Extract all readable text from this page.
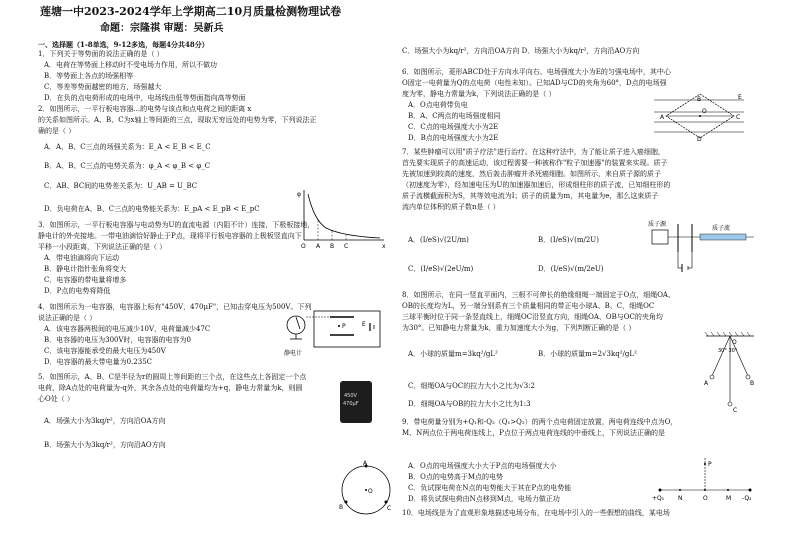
莲塘一中2023-2024学年上学期高二10月质量检测物理试卷
命题：宗隆祺 审题：吴新兵
一、选择题（1-8单选，9-12多选，每题4分共48分）
1．下列关于等势面的说法正确的是（ ）
A．电荷在等势面上移动时不受电场力作用，所以不做功
B．等势面上各点的场强相等
C．等差等势面越密的地方，场强越大
D．在负的点电荷形成的电场中，电场线由低等势面指向高等势面
2．如图所示，一平行板电容器...的电势与该点和点电荷之间的距离 x
的关系如图所示。A、B、C为x轴上等间距的三点，现取无穷远处的电势为零，下列说法正
确的是（ ）
A．A、B、C三点的场强关系为：E_A < E_B < E_C
B．A、B、C三点的电势关系为：φ_A < φ_B < φ_C
C．AB、BC间的电势差关系为：U_AB = U_BC
D．负电荷在A、B、C三点的电势能关系为：E_pA < E_pB < E_pC
3．如图所示，一平行板电容器与电动势为U的直流电源（内阻不计）连接，下极板接地，
静电计的外壳接地。一带电油滴恰好静止于P点，现将平行板电容器的上极板竖直向下
平移一小段距离，下列说法正确的是（ ）
A．带电油滴将向下运动
B．静电计指针张角将变大
C．电容器的带电量将增多
D．P点的电势将降低
4．如图所示为一电容器，电容器上标有"450V，470μF"，已知击穿电压为500V。下列
说法正确的是（ ）
A．该电容器两极间的电压减少10V，电荷量减少47C
B．电容器的电压为300V时，电容器的电容为0
C．该电容器能承受的最大电压为450V
D．电容器的最大带电量为0.235C
5．如图所示，A、B、C是半径为r的圆周上等间距的三个点，在这些点上各固定一个点
电荷，除A点处的电荷量为-q外，其余各点处的电荷量均为+q，静电力常量为k，则圆
心O处（ ）
A．场强大小为3kq/r²，方向沿OA方向
B．场强大小为3kq/r²，方向沿AO方向
φ
x
O A B C
P	E
静电计
450V
470μF
A
B	C
O
C．场强大小为kq/r²，方向沿OA方向 D．场强大小为kq/r²，方向沿AO方向
6．如图所示，菱形ABCD处于方向水平向右、电场强度大小为E的匀强电场中，其中心
O固定一电荷量为Q的点电荷（电性未知）。已知AD与CD的夹角为60°，D点的电场强
度为零，静电力常量为k，下列说法正确的是（ ）
A．O点电荷带负电
B．A、C两点的电场强度相同
C．C点的电场强度大小为2E
D．B点的电场强度大小为2E
7．某些肿瘤可以用"质子疗法"进行治疗。在这种疗法中，为了能让质子进入癌细胞，
首先要实现质子的高速运动，该过程需要一种被称作"粒子加速器"的装置来实现。质子
先被加速到较高的速度，然后轰击肿瘤并杀死癌细胞。如图所示，来自质子源的质子
（初速度为零），经加速电压为U的加速器加速后，形成细柱形的质子流，已知细柱形的
质子流横截面积为S，其等效电流为I；质子的质量为m，其电量为e，那么这束质子
流内单位体积的质子数n是（ ）
A．(I/eS)√(2U/m)	B．(I/eS)√(m/2U)
C．(I/eS)√(2eU/m)	D．(I/eS)√(m/2eU)
8．如图所示，在同一竖直平面内，三根不可伸长的绝缘细绳一端固定于O点，细绳OA、
OB的长度均为L，另一端分别系有三个质量相同的带正电小球A、B、C，细绳OC
三球平衡时位于同一条竖直线上，细绳OC沿竖直方向，细绳OA、OB与OC的夹角均
为30°。已知静电力常量为k，重力加速度大小为g，下列判断正确的是（ ）
A．小球的质量m=3kq²/gL²	B．小球的质量m=2√3kq²/gL²
C．细绳OA与OC的拉力大小之比为√3:2
D．细绳OA与OB的拉力大小之比为1:3
9．带电荷量分别为+Q₁和-Q₂（Q₁>Q₂）的两个点电荷固定放置，两电荷连线中点为O，
M、N两点位于两电荷连线上，P点位于两点电荷连线的中垂线上，下列说法正确的是
A．O点的电场强度大小大于P点的电场强度大小
B．O点的电势高于M点的电势
C．负试探电荷在N点的电势能大于其在P点的电势能
D．将负试探电荷由N点移到M点，电场力做正功
10．电场线是为了直观形象地描述电场分布，在电场中引入的一些假想的曲线，某电场
A
B
C
D
O
E
质子源
质子流
O
30° 30°
A	B
C
P
+Q₁ N	O	M -Q₂
